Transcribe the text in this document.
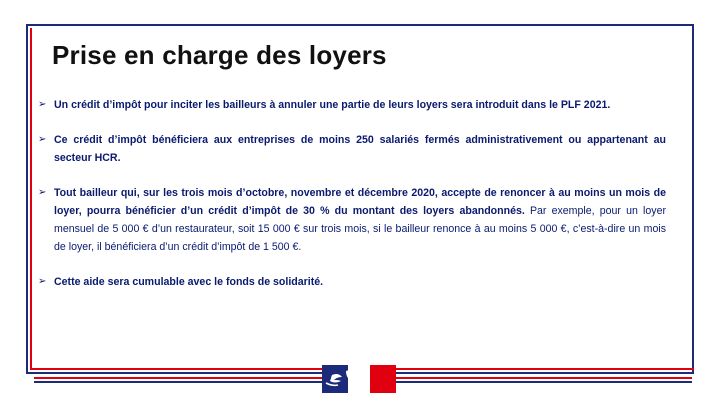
Prise en charge des loyers
➢ Un crédit d’impôt pour inciter les bailleurs à annuler une partie de leurs loyers sera introduit dans le PLF 2021.
➢ Ce crédit d’impôt bénéficiera aux entreprises de moins 250 salariés fermés administrativement ou appartenant au secteur HCR.
➢ Tout bailleur qui, sur les trois mois d’octobre, novembre et décembre 2020, accepte de renoncer à au moins un mois de loyer, pourra bénéficier d’un crédit d’impôt de 30 % du montant des loyers abandonnés. Par exemple, pour un loyer mensuel de 5 000 € d’un restaurateur, soit 15 000 € sur trois mois, si le bailleur renonce à au moins 5 000 €, c’est-à-dire un mois de loyer, il bénéficiera d’un crédit d’impôt de 1 500 €.
➢ Cette aide sera cumulable avec le fonds de solidarité.
